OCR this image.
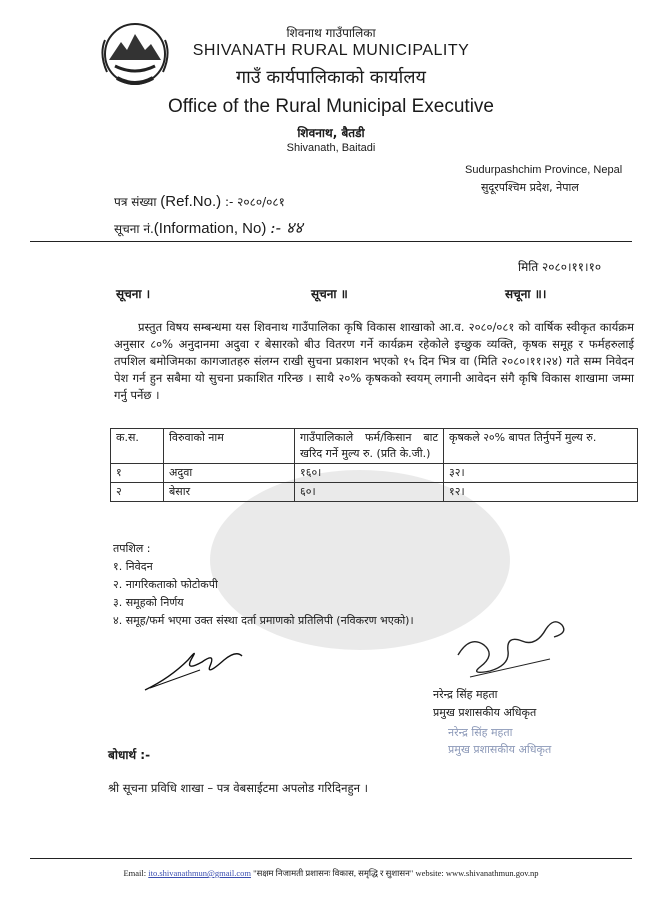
शिवनाथ गाउँपालिका
SHIVANATH RURAL MUNICIPALITY
गाउँ कार्यपालिकाको कार्यालय
Office of the Rural Municipal Executive
शिवनाथ, बैतडी
Shivanath, Baitadi
Sudurpashchim Province, Nepal
सुदूरपश्चिम प्रदेश, नेपाल
पत्र संख्या (Ref.No.) :- २०८०/०८१
सूचना नं.(Information, No) :- ४४
मिति २०८०।११।१०
सूचना ।	सूचना ॥	सचूना ॥।
प्रस्तुत विषय सम्बन्धमा यस शिवनाथ गाउँपालिका कृषि विकास शाखाको आ.व. २०८०/०८१ को वार्षिक स्वीकृत कार्यक्रम अनुसार ८०% अनुदानमा अदुवा र बेसारको बीउ वितरण गर्ने कार्यक्रम रहेकोले इच्छुक व्यक्ति, कृषक समूह र फर्महरुलाई तपशिल बमोजिमका कागजातहरु संलग्न राखी सुचना प्रकाशन भएको १५ दिन भित्र वा (मिति २०८०।११।२४) गते सम्म निवेदन पेश गर्न हुन सबैमा यो सुचना प्रकाशित गरिन्छ । साथै २०% कृषकको स्वयम् लगानी आवेदन संगै कृषि विकास शाखामा जम्मा गर्नु पर्नेछ ।
क.स.	विरुवाको नाम	गाउँपालिकाले फर्म/किसान बाट खरिद गर्ने मुल्य रु. (प्रति के.जी.)	कृषकले २०% बापत तिर्नुपर्ने मुल्य रु.
१	अदुवा	१६०।	३२।
२	बेसार	६०।	१२।
तपशिल :
१. निवेदन
२. नागरिकताको फोटोकपी
३. समूहको निर्णय
४. समूह/फर्म भएमा उक्त संस्था दर्ता प्रमाणको प्रतिलिपी (नविकरण भएको)।
नरेन्द्र सिंह महता
प्रमुख प्रशासकीय अधिकृत
नरेन्द्र सिंह महता
प्रमुख प्रशासकीय अधिकृत
बोधार्थ :-
श्री सूचना प्रविधि शाखा – पत्र वेबसाईटमा अपलोड गरिदिनहुन ।
Email: ito.shivanathmun@gmail.com "सक्षम निजामती प्रशासनः विकास, समृद्धि र सुशासन" website: www.shivanathmun.gov.np
